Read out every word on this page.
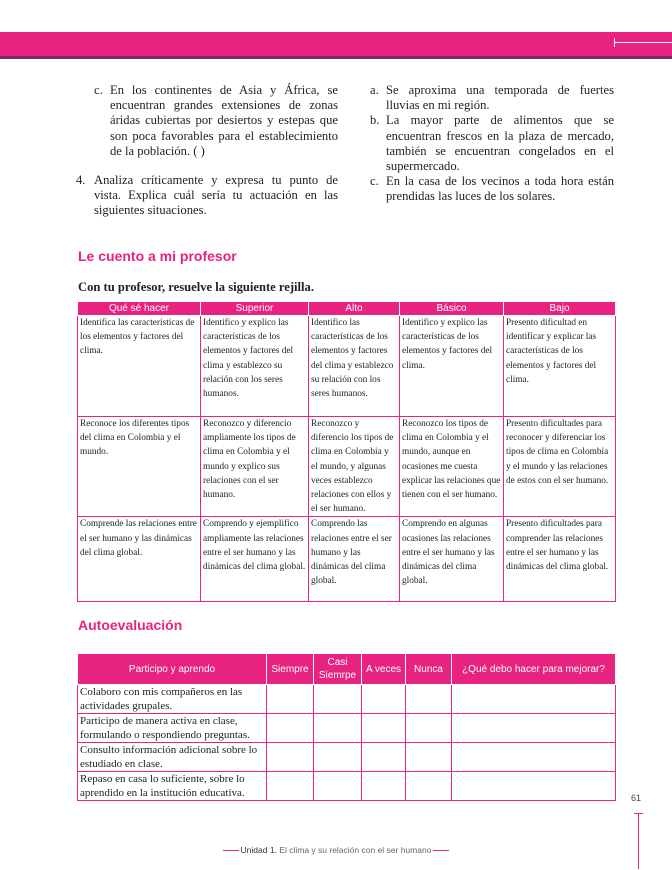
c. En los continentes de Asia y África, se encuentran grandes extensiones de zonas áridas cubiertas por desiertos y estepas que son poca favorables para el establecimiento de la población. ( )

4. Analiza críticamente y expresa tu punto de vista. Explica cuál sería tu actuación en las siguientes situaciones.

a. Se aproxima una temporada de fuertes lluvias en mi región.

b. La mayor parte de alimentos que se encuentran frescos en la plaza de mercado, también se encuentran congelados en el supermercado.

c. En la casa de los vecinos a toda hora están prendidas las luces de los solares.

Le cuento a mi profesor
Con tu profesor, resuelve la siguiente rejilla.
Qué sé hacer	Superior	Alto	Básico	Bajo
Identifica las características de los elementos y factores del clima.	Identifico y explico las características de los elementos y factores del clima y establezco su relación con los seres humanos.	Identifico las características de los elementos y factores del clima y establezco su relación con los seres humanos.	Identifico y explico las características de los elementos y factores del clima.	Presento dificultad en identificar y explicar las características de los elementos y factores del clima.
Reconoce los diferentes tipos del clima en Colombia y el mundo.	Reconozco y diferencio ampliamente los tipos de clima en Colombia y el mundo y explico sus relaciones con el ser humano.	Reconozco y diferencio los tipos de clima en Colombia y el mundo, y algunas veces establezco relaciones con ellos y el ser humano.	Reconozco los tipos de clima en Colombia y el mundo, aunque en ocasiones me cuesta explicar las relaciones que tienen con el ser humano.	Presento dificultades para reconocer y diferenciar los tipos de clima en Colombia y el mundo y las relaciones de estos con el ser humano.
Comprende las relaciones entre el ser humano y las dinámicas del clima global.	Comprendo y ejemplifico ampliamente las relaciones entre el ser humano y las dinámicas del clima global.	Comprendo las relaciones entre el ser humano y las dinámicas del clima global.	Comprendo en algunas ocasiones las relaciones entre el ser humano y las dinámicas del clima global.	Presento dificultades para comprender las relaciones entre el ser humano y las dinámicas del clima global.
Autoevaluación
Participo y aprendo	Siempre	Casi Siemrpe	A veces	Nunca	¿Qué debo hacer para mejorar?
Colaboro con mis compañeros en las actividades grupales.					
Participo de manera activa en clase, formulando o respondiendo preguntas.					
Consulto información adicional sobre lo estudiado en clase.					
Repaso en casa lo suficiente, sobre lo aprendido en la institución educativa.						61
Unidad 1. El clima y su relación con el ser humano
